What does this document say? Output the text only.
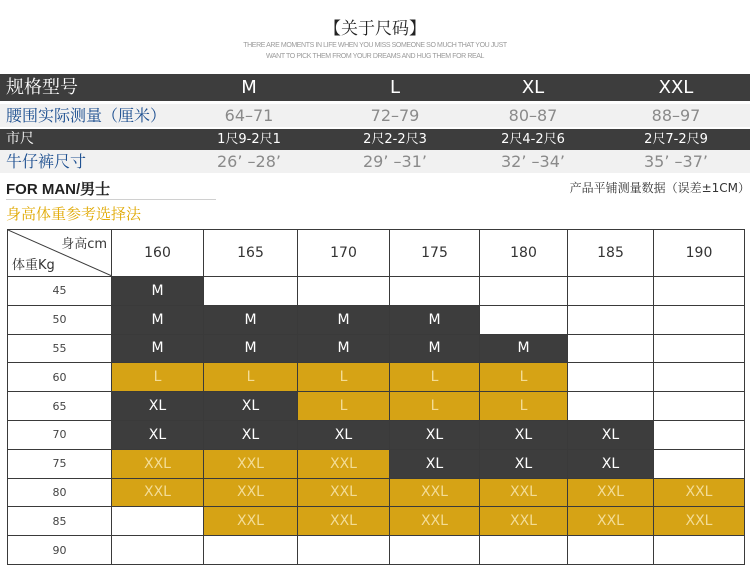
【关于尺码】
THERE ARE MOMENTS IN LIFE WHEN YOU MISS SOMEONE SO MUCH THAT YOU JUST
WANT TO PICK THEM FROM YOUR DREAMS AND HUG THEM FOR REAL
规格型号	M	L	XL	XXL
腰围实际测量（厘米）	64–71	72–79	80–87	88–97
市尺	1尺9-2尺1	2尺2-2尺3	2尺4-2尺6	2尺7-2尺9
牛仔裤尺寸	26’ –28’	29’ –31’	32’ –34’	35’ –37’
FOR MAN/男士	产品平铺测量数据（误差±1CM）
身高体重参考选择法
身高cm
体重Kg	160	165	170	175	180	185	190
45	M						
50	M	M	M	M			
55	M	M	M	M	M		
60	L	L	L	L	L		
65	XL	XL	L	L	L		
70	XL	XL	XL	XL	XL	XL	
75	XXL	XXL	XXL	XL	XL	XL	
80	XXL	XXL	XXL	XXL	XXL	XXL	XXL
85		XXL	XXL	XXL	XXL	XXL	XXL
90							
